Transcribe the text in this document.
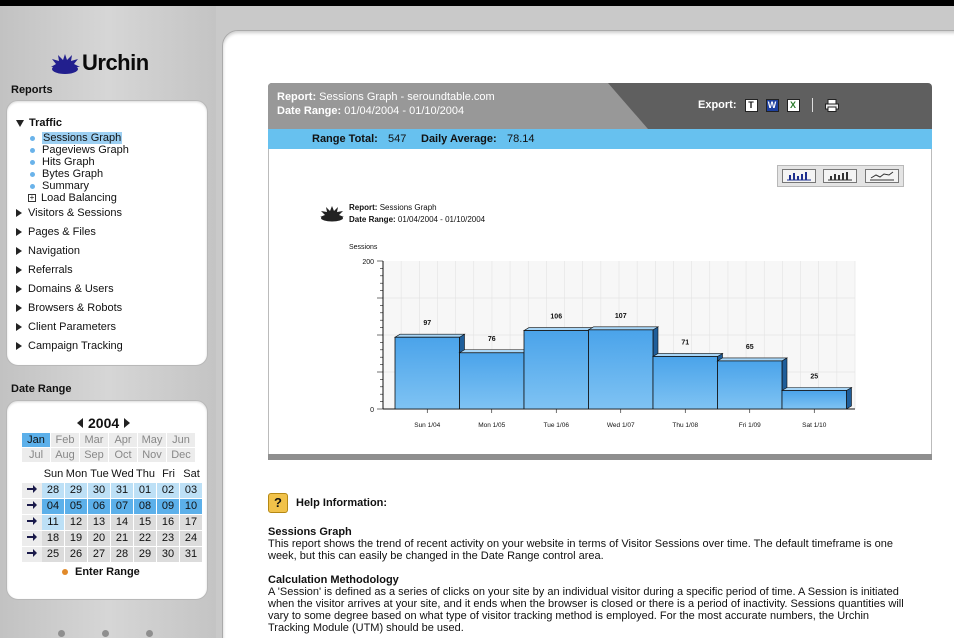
Urchin
Reports
Traffic
Sessions Graph
Pageviews Graph
Hits Graph
Bytes Graph
Summary
+ Load Balancing
Visitors & Sessions
Pages & Files
Navigation
Referrals
Domains & Users
Browsers & Robots
Client Parameters
Campaign Tracking
Date Range
2004
Jan Feb Mar Apr May Jun
Jul	Aug Sep Oct Nov Dec
Sun Mon Tue Wed Thu Fri Sat
28 29 30 31 01 02 03
04 05 06 07 08 09 10
11	12 13 14 15 16 17
18 19 20 21 22 23 24
25 26 27 28 29 30 31
Enter Range
Report: Sessions Graph - seroundtable.com
Date Range: 01/04/2004 - 01/10/2004	Export:	T	W	X
Range Total: 547 Daily Average: 78.14
Report: Sessions Graph
Date Range: 01/04/2004 - 01/10/2004
Sessions
0
200
97
Sun 1/04
76
Mon 1/05
106
Tue 1/06
107
Wed 1/07
71
Thu 1/08
65
Fri 1/09
25
Sat 1/10
?	Help Information:
Sessions Graph

This report shows the trend of recent activity on your website in terms of Visitor Sessions over time. The default timeframe is one week, but this can easily be changed in the Date Range control area.

Calculation Methodology

A 'Session' is defined as a series of clicks on your site by an individual visitor during a specific period of time. A Session is initiated when the visitor arrives at your site, and it ends when the browser is closed or there is a period of inactivity. Sessions quantities will vary to some degree based on what type of visitor tracking method is employed. For the most accurate numbers, the Urchin Tracking Module (UTM) should be used.
